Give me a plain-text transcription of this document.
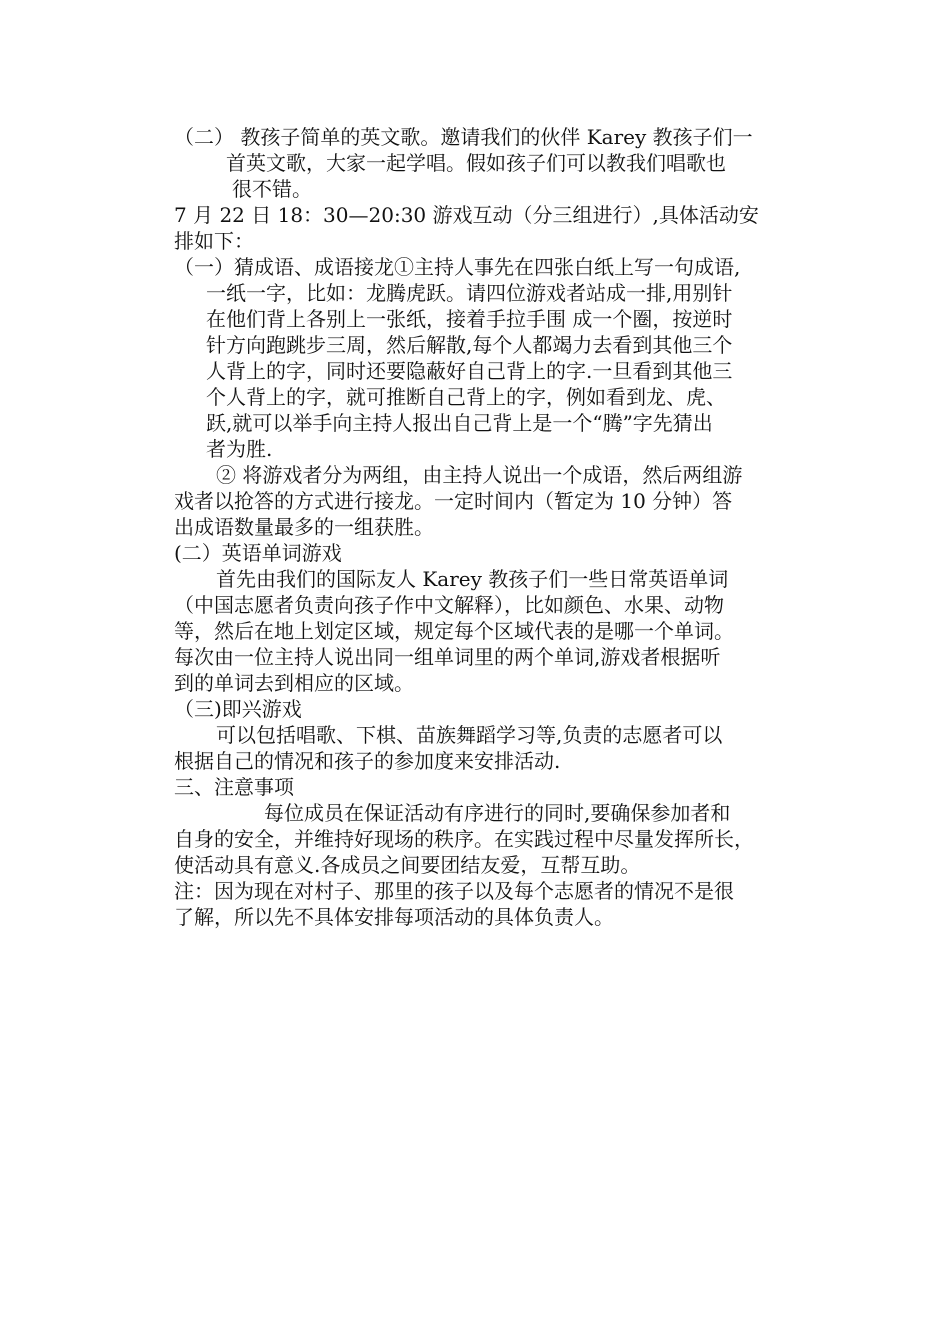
（二） 教孩子简单的英文歌。邀请我们的伙伴 Karey 教孩子们一
首英文歌，大家一起学唱。假如孩子们可以教我们唱歌也
很不错。
7 月 22 日 18：30—20:30 游戏互动（分三组进行）,具体活动安
排如下：
（一）猜成语、成语接龙①主持人事先在四张白纸上写一句成语,
一纸一字，比如：龙腾虎跃。请四位游戏者站成一排,用别针
在他们背上各别上一张纸，接着手拉手围 成一个圈，按逆时
针方向跑跳步三周，然后解散,每个人都竭力去看到其他三个
人背上的字，同时还要隐蔽好自己背上的字.一旦看到其他三
个人背上的字，就可推断自己背上的字，例如看到龙、虎、
跃,就可以举手向主持人报出自己背上是一个“腾”字先猜出
者为胜.
② 将游戏者分为两组，由主持人说出一个成语，然后两组游
戏者以抢答的方式进行接龙。一定时间内（暂定为 10 分钟）答
出成语数量最多的一组获胜。
(二）英语单词游戏
首先由我们的国际友人 Karey 教孩子们一些日常英语单词
（中国志愿者负责向孩子作中文解释），比如颜色、水果、动物
等，然后在地上划定区域，规定每个区域代表的是哪一个单词。
每次由一位主持人说出同一组单词里的两个单词,游戏者根据听
到的单词去到相应的区域。
（三)即兴游戏
可以包括唱歌、下棋、苗族舞蹈学习等,负责的志愿者可以
根据自己的情况和孩子的参加度来安排活动.
三、注意事项
每位成员在保证活动有序进行的同时,要确保参加者和
自身的安全，并维持好现场的秩序。在实践过程中尽量发挥所长，
使活动具有意义.各成员之间要团结友爱，互帮互助。
注：因为现在对村子、那里的孩子以及每个志愿者的情况不是很
了解，所以先不具体安排每项活动的具体负责人。
